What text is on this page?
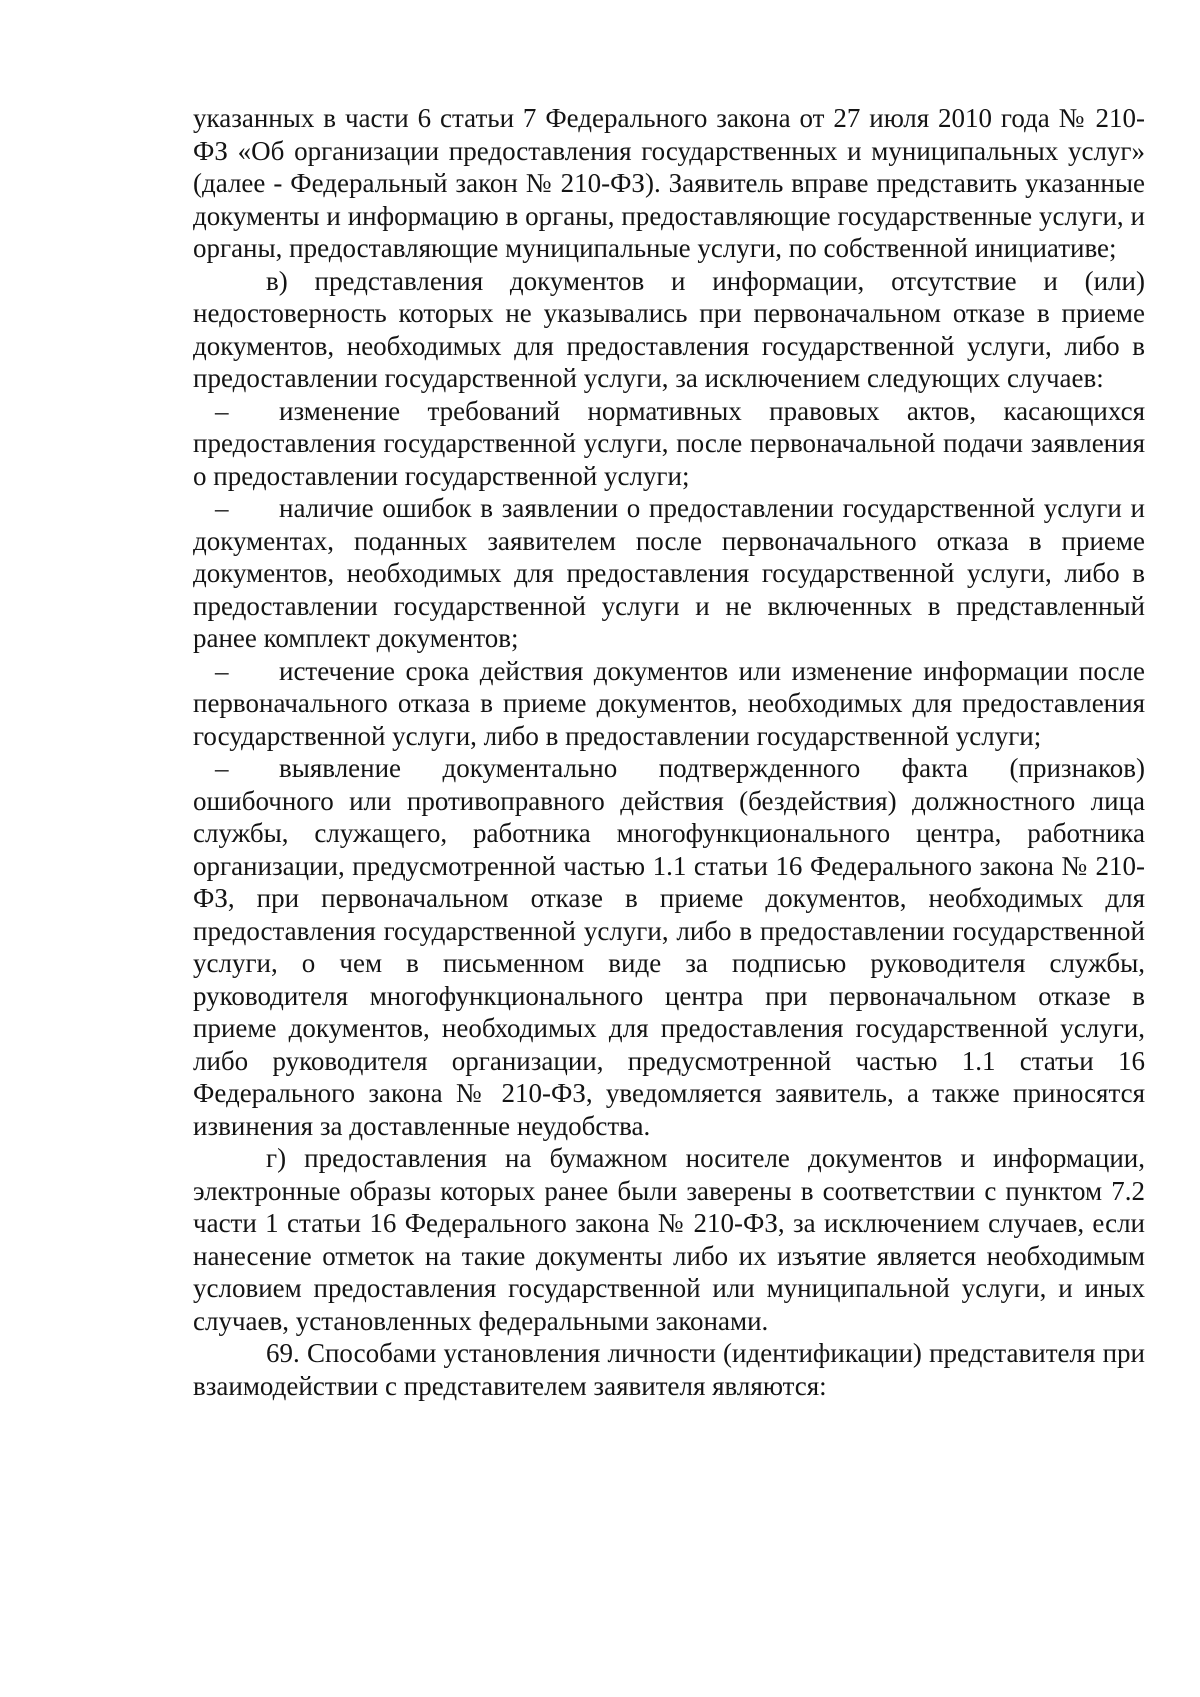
указанных в части 6 статьи 7 Федерального закона от 27 июля 2010 года № 210-ФЗ «Об организации предоставления государственных и муниципальных услуг» (далее - Федеральный закон № 210-ФЗ). Заявитель вправе представить указанные документы и информацию в органы, предоставляющие государственные услуги, и органы, предоставляющие муниципальные услуги, по собственной инициативе;

в) представления документов и информации, отсутствие и (или) недостоверность которых не указывались при первоначальном отказе в приеме документов, необходимых для предоставления государственной услуги, либо в предоставлении государственной услуги, за исключением следующих случаев:

– изменение требований нормативных правовых актов, касающихся предоставления государственной услуги, после первоначальной подачи заявления о предоставлении государственной услуги;

– наличие ошибок в заявлении о предоставлении государственной услуги и документах, поданных заявителем после первоначального отказа в приеме документов, необходимых для предоставления государственной услуги, либо в предоставлении государственной услуги и не включенных в представленный ранее комплект документов;

– истечение срока действия документов или изменение информации после первоначального отказа в приеме документов, необходимых для предоставления государственной услуги, либо в предоставлении государственной услуги;

– выявление документально подтвержденного факта (признаков) ошибочного или противоправного действия (бездействия) должностного лица службы, служащего, работника многофункционального центра, работника организации, предусмотренной частью 1.1 статьи 16 Федерального закона № 210-ФЗ, при первоначальном отказе в приеме документов, необходимых для предоставления государственной услуги, либо в предоставлении государственной услуги, о чем в письменном виде за подписью руководителя службы, руководителя многофункционального центра при первоначальном отказе в приеме документов, необходимых для предоставления государственной услуги, либо руководителя организации, предусмотренной частью 1.1 статьи 16 Федерального закона № 210-ФЗ, уведомляется заявитель, а также приносятся извинения за доставленные неудобства.

г) предоставления на бумажном носителе документов и информации, электронные образы которых ранее были заверены в соответствии с пунктом 7.2 части 1 статьи 16 Федерального закона № 210-ФЗ, за исключением случаев, если нанесение отметок на такие документы либо их изъятие является необходимым условием предоставления государственной или муниципальной услуги, и иных случаев, установленных федеральными законами.

69. Способами установления личности (идентификации) представителя при взаимодействии с представителем заявителя являются:
